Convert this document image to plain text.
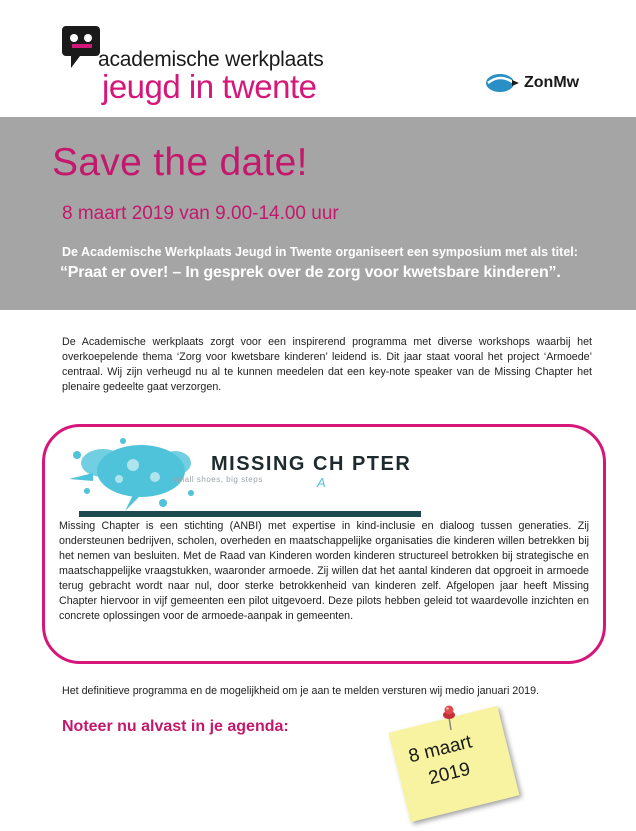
academische werkplaats
jeugd in twente	ZonMw
Save the date!
8 maart 2019 van 9.00-14.00 uur
De Academische Werkplaats Jeugd in Twente organiseert een symposium met als titel:
“Praat er over! – In gesprek over de zorg voor kwetsbare kinderen”.
De Academische werkplaats zorgt voor een inspirerend programma met diverse workshops waarbij het overkoepelende thema ‘Zorg voor kwetsbare kinderen’ leidend is. Dit jaar staat vooral het project ‘Armoede’ centraal. Wij zijn verheugd nu al te kunnen meedelen dat een key-note speaker van de Missing Chapter het plenaire gedeelte gaat verzorgen.
MISSING CH PTER
small shoes, big steps	A
Missing Chapter is een stichting (ANBI) met expertise in kind-inclusie en dialoog tussen generaties. Zij ondersteunen bedrijven, scholen, overheden en maatschappelijke organisaties die kinderen willen betrekken bij het nemen van besluiten. Met de Raad van Kinderen worden kinderen structureel betrokken bij strategische en maatschappelijke vraagstukken, waaronder armoede. Zij willen dat het aantal kinderen dat opgroeit in armoede terug gebracht wordt naar nul, door sterke betrokkenheid van kinderen zelf. Afgelopen jaar heeft Missing Chapter hiervoor in vijf gemeenten een pilot uitgevoerd. Deze pilots hebben geleid tot waardevolle inzichten en concrete oplossingen voor de armoede-aanpak in gemeenten.
Het definitieve programma en de mogelijkheid om je aan te melden versturen wij medio januari 2019.
Noteer nu alvast in je agenda:
8 maart
2019
